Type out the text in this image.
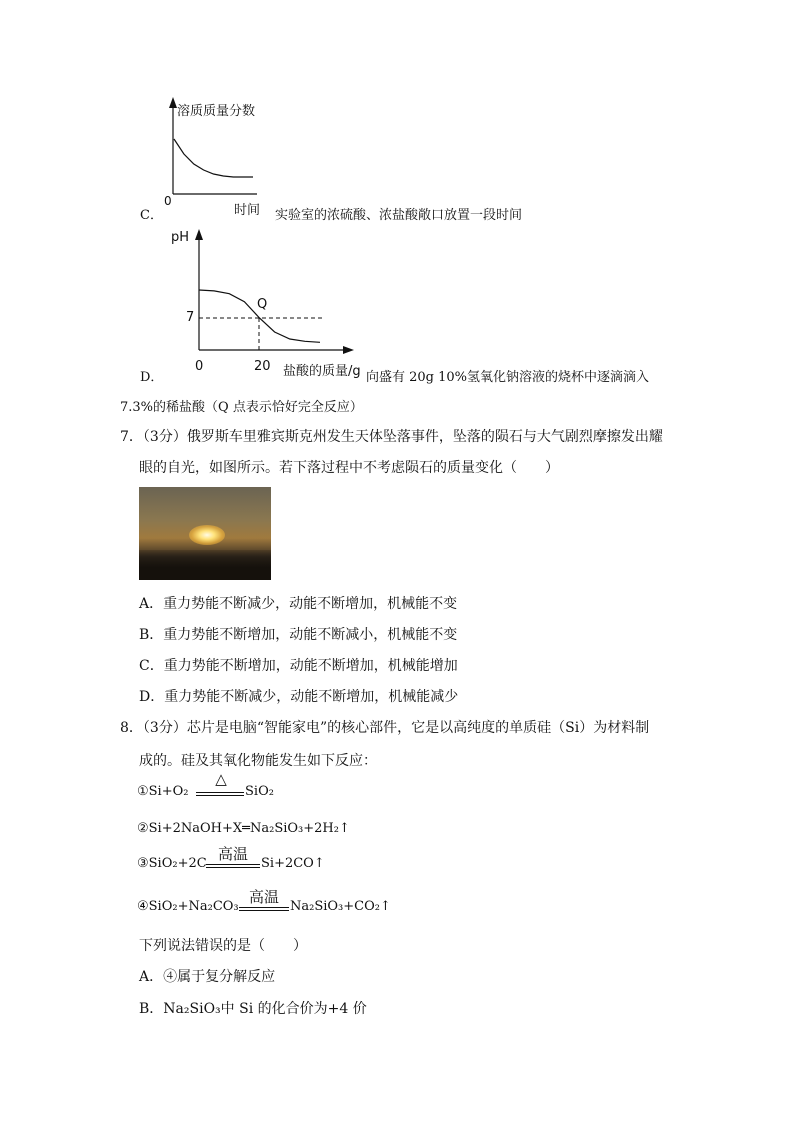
溶质质量分数
0
时间
C．	实验室的浓硫酸、浓盐酸敞口放置一段时间
pH
7
Q
0	20 盐酸的质量/g
D．	向盛有 20g 10%氢氧化钠溶液的烧杯中逐滴滴入
7.3%的稀盐酸（Q 点表示恰好完全反应）
7．（3分）俄罗斯车里雅宾斯克州发生天体坠落事件，坠落的陨石与大气剧烈摩擦发出耀
眼的自光，如图所示。若下落过程中不考虑陨石的质量变化（　　）
A．重力势能不断减少，动能不断增加，机械能不变
B．重力势能不断增加，动能不断减小，机械能不变
C．重力势能不断增加，动能不断增加，机械能增加
D．重力势能不断减少，动能不断增加，机械能减少
8．（3分）芯片是电脑“智能家电”的核心部件，它是以高纯度的单质硅（Si）为材料制
成的。硅及其氧化物能发生如下反应：
①Si+O₂
△
SiO₂
②Si+2NaOH+X═Na₂SiO₃+2H₂↑
③SiO₂+2C
高温
Si+2CO↑
④SiO₂+Na₂CO₃
高温
Na₂SiO₃+CO₂↑
下列说法错误的是（　　）
A．④属于复分解反应
B．Na₂SiO₃中 Si 的化合价为+4 价
